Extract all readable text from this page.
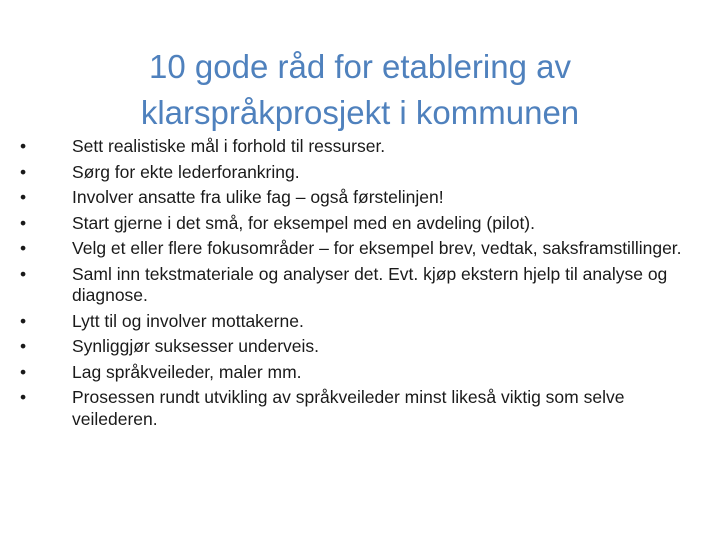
10 gode råd for etablering av
klarspråkprosjekt i kommunen
•	Sett realistiske mål i forhold til ressurser.
•	Sørg for ekte lederforankring.
•	Involver ansatte fra ulike fag – også førstelinjen!
•	Start gjerne i det små, for eksempel med en avdeling (pilot).
•	Velg et eller flere fokusområder – for eksempel brev, vedtak, saksframstillinger.
•	Saml inn tekstmateriale og analyser det. Evt. kjøp ekstern hjelp til analyse og diagnose.
•	Lytt til og involver mottakerne.
•	Synliggjør suksesser underveis.
•	Lag språkveileder, maler mm.
•	Prosessen rundt utvikling av språkveileder minst likeså viktig som selve veilederen.
